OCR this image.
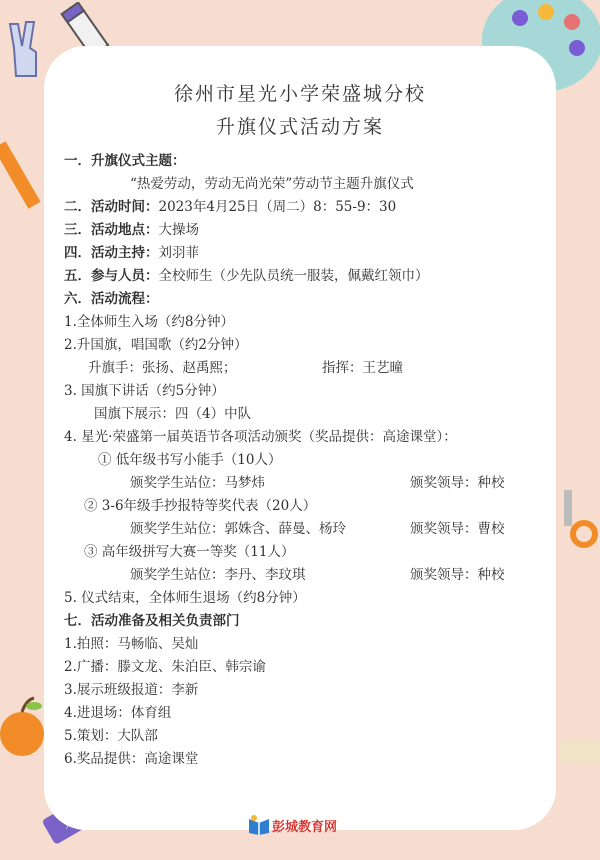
徐州市星光小学荣盛城分校
升旗仪式活动方案
一．升旗仪式主题：
“热爱劳动，劳动无尚光荣”劳动节主题升旗仪式
二．活动时间：2023年4月25日（周二）8：55-9：30
三．活动地点：大操场
四．活动主持：刘羽菲
五．参与人员：全校师生（少先队员统一服装，佩戴红领巾）
六．活动流程：
1.全体师生入场（约8分钟）
2.升国旗，唱国歌（约2分钟）
升旗手：张扬、赵禹熙；	指挥：王艺曈
3. 国旗下讲话（约5分钟）
国旗下展示：四（4）中队
4. 星光·荣盛第一届英语节各项活动颁奖（奖品提供：高途课堂）：
① 低年级书写小能手（10人）
颁奖学生站位：马梦炜	颁奖领导：种校
② 3-6年级手抄报特等奖代表（20人）
颁奖学生站位：郭姝含、薛曼、杨玲	颁奖领导：曹校
③ 高年级拼写大赛一等奖（11人）
颁奖学生站位：李丹、李玟琪	颁奖领导：种校
5. 仪式结束，全体师生退场（约8分钟）
七．活动准备及相关负责部门
1.拍照：马畅临、吴灿
2.广播：滕文龙、朱泊臣、韩宗谕
3.展示班级报道：李新
4.进退场：体育组
5.策划：大队部
6.奖品提供：高途课堂
彭城教育网
